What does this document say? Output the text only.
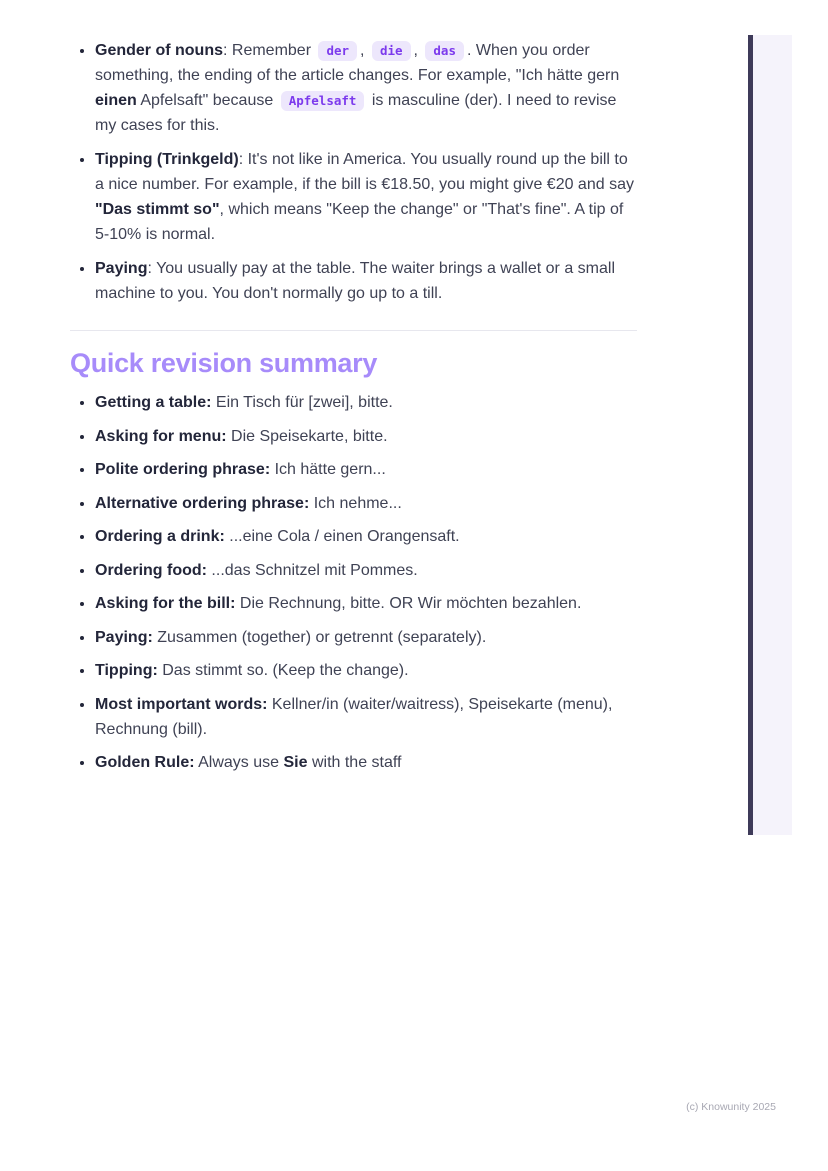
• Gender of nouns: Remember der , die , das . When you order something, the ending of the article changes. For example, "Ich hätte gern einen Apfelsaft" because Apfelsaft is masculine (der). I need to revise my cases for this.
• Tipping (Trinkgeld): It's not like in America. You usually round up the bill to a nice number. For example, if the bill is €18.50, you might give €20 and say "Das stimmt so", which means "Keep the change" or "That's fine". A tip of 5-10% is normal.
• Paying: You usually pay at the table. The waiter brings a wallet or a small machine to you. You don't normally go up to a till.
Quick revision summary
• Getting a table: Ein Tisch für [zwei], bitte.
• Asking for menu: Die Speisekarte, bitte.
• Polite ordering phrase: Ich hätte gern...
• Alternative ordering phrase: Ich nehme...
• Ordering a drink: ...eine Cola / einen Orangensaft.
• Ordering food: ...das Schnitzel mit Pommes.
• Asking for the bill: Die Rechnung, bitte. OR Wir möchten bezahlen.
• Paying: Zusammen (together) or getrennt (separately).
• Tipping: Das stimmt so. (Keep the change).
• Most important words: Kellner/in (waiter/waitress), Speisekarte (menu), Rechnung (bill).
• Golden Rule: Always use Sie with the staff
(c) Knowunity 2025
